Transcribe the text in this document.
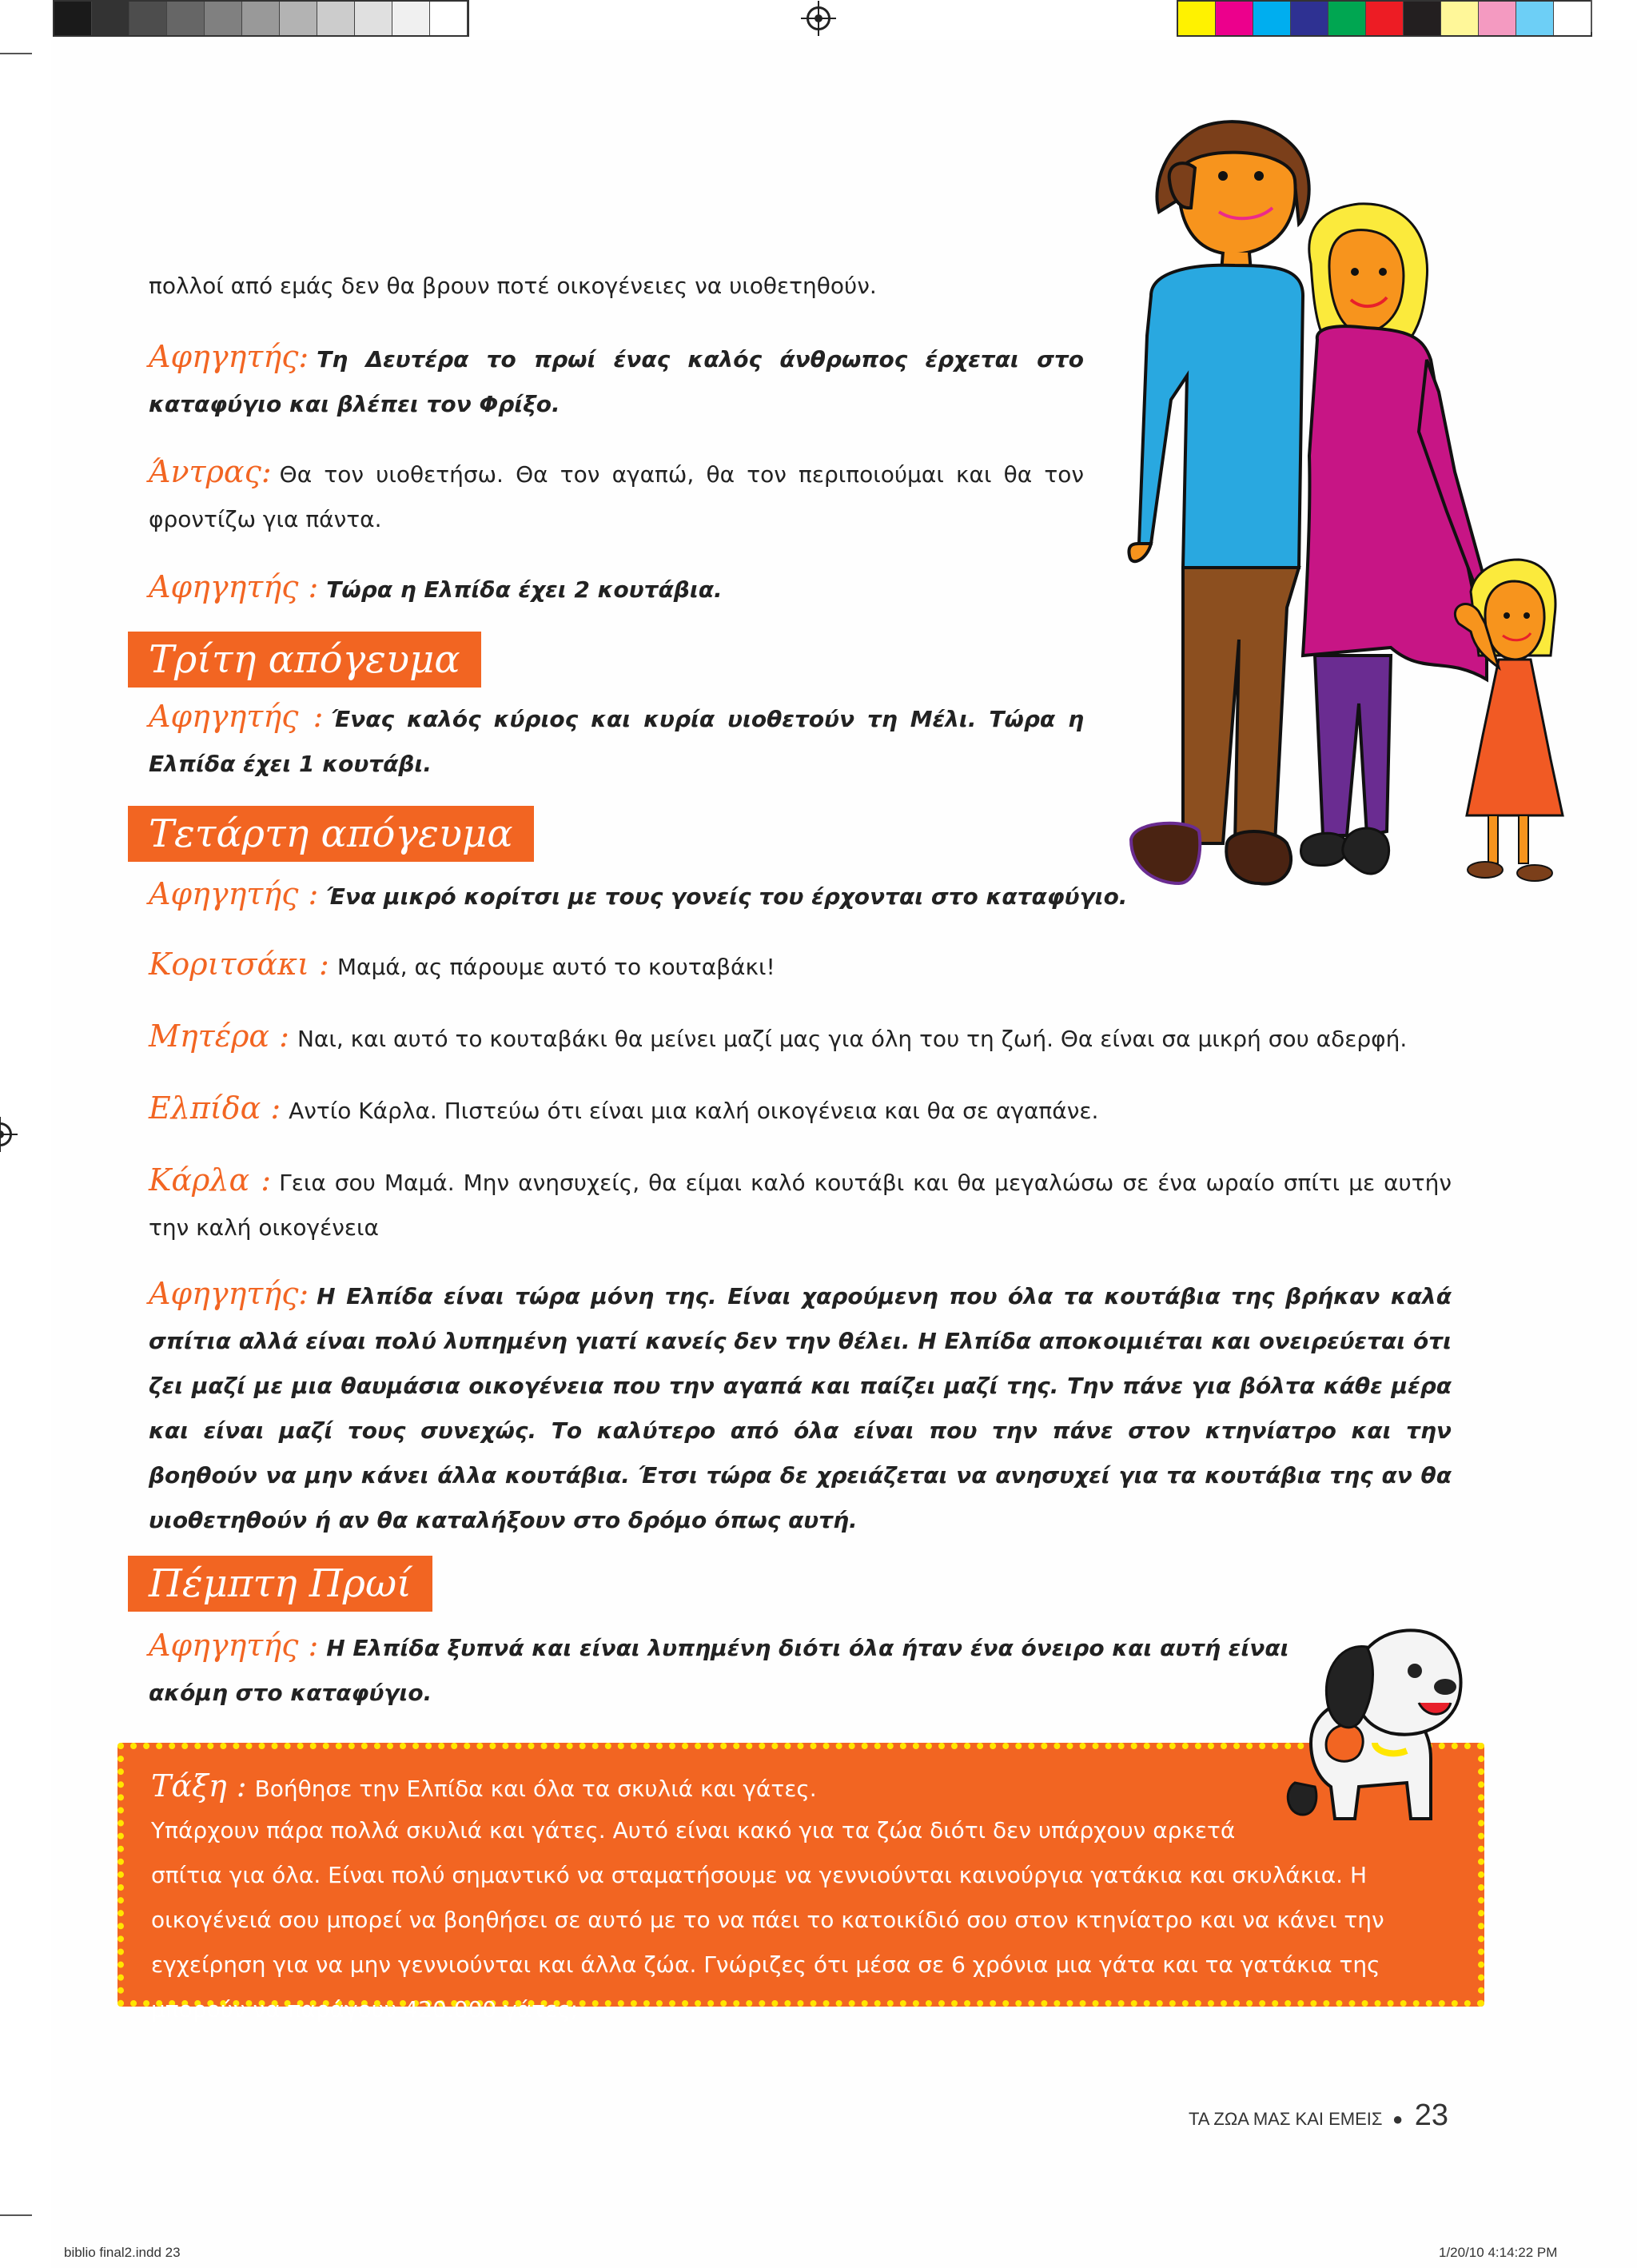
πολλοί από εμάς δεν θα βρουν ποτέ οικογένειες να υιοθετηθούν.

Αφηγητής: Τη Δευτέρα το πρωί ένας καλός άνθρωπος έρχεται στο καταφύγιο και βλέπει τον Φρίξο.

Άντρας: Θα τον υιοθετήσω. Θα τον αγαπώ, θα τον περιποιούμαι και θα τον φροντίζω για πάντα.

Αφηγητής : Τώρα η Ελπίδα έχει 2 κουτάβια.

Τρίτη απόγευμα

Αφηγητής : Ένας καλός κύριος και κυρία υιοθετούν τη Μέλι. Τώρα η Ελπίδα έχει 1 κουτάβι.

Τετάρτη απόγευμα

Αφηγητής : Ένα μικρό κορίτσι με τους γονείς του έρχονται στο καταφύγιο.

Κοριτσάκι : Μαμά, ας πάρουμε αυτό το κουταβάκι!

Μητέρα : Ναι, και αυτό το κουταβάκι θα μείνει μαζί μας για όλη του τη ζωή. Θα είναι σα μικρή σου αδερφή.

Ελπίδα : Αντίο Κάρλα. Πιστεύω ότι είναι μια καλή οικογένεια και θα σε αγαπάνε.

Κάρλα : Γεια σου Μαμά. Μην ανησυχείς, θα είμαι καλό κουτάβι και θα μεγαλώσω σε ένα ωραίο σπίτι με αυτήν την καλή οικογένεια

Αφηγητής: Η Ελπίδα είναι τώρα μόνη της. Είναι χαρούμενη που όλα τα κουτάβια της βρήκαν καλά σπίτια αλλά είναι πολύ λυπημένη γιατί κανείς δεν την θέλει. Η Ελπίδα αποκοιμιέται και ονειρεύεται ότι ζει μαζί με μια θαυμάσια οικογένεια που την αγαπά και παίζει μαζί της. Την πάνε για βόλτα κάθε μέρα και είναι μαζί τους συνεχώς. Το καλύτερο από όλα είναι που την πάνε στον κτηνίατρο και την βοηθούν να μην κάνει άλλα κουτάβια. Έτσι τώρα δε χρειάζεται να ανησυχεί για τα κουτάβια της αν θα υιοθετηθούν ή αν θα καταλήξουν στο δρόμο όπως αυτή.

Πέμπτη Πρωί

Αφηγητής : Η Ελπίδα ξυπνά και είναι λυπημένη διότι όλα ήταν ένα όνειρο και αυτή είναι ακόμη στο καταφύγιο.

Τάξη : Βοήθησε την Ελπίδα και όλα τα σκυλιά και γάτες.
Υπάρχουν πάρα πολλά σκυλιά και γάτες. Αυτό είναι κακό για τα ζώα διότι δεν υπάρχουν αρκετά
σπίτια για όλα. Είναι πολύ σημαντικό να σταματήσουμε να γεννιούνται καινούργια γατάκια και σκυλάκια. Η
οικογένειά σου μπορεί να βοηθήσει σε αυτό με το να πάει το κατοικίδιό σου στον κτηνίατρο και να κάνει την
εγχείρηση για να μην γεννιούνται και άλλα ζώα. Γνώριζες ότι μέσα σε 6 χρόνια μια γάτα και τα γατάκια της
μπορούν να παράγουν 420.000 γάτες;
ΤΑ ΖΩΑ ΜΑΣ ΚΑΙ ΕΜΕΙΣ ● 23
biblio final2.indd 23	1/20/10 4:14:22 PM
